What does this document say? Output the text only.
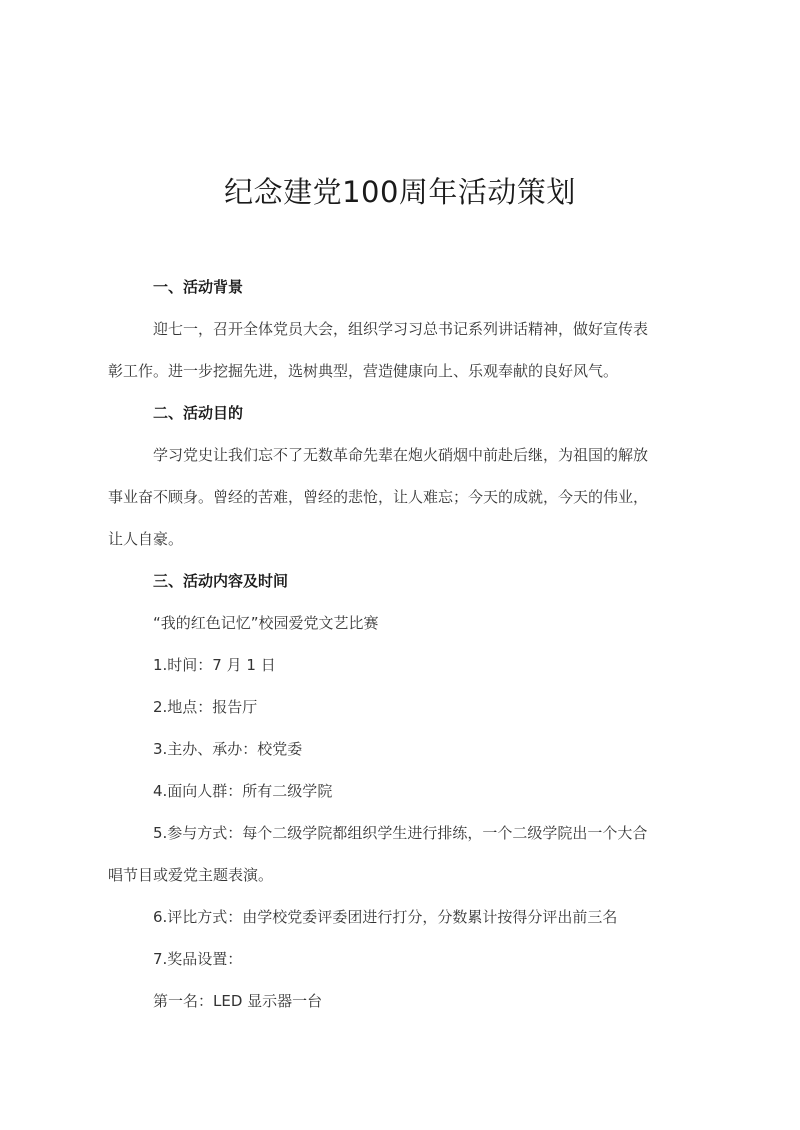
纪念建党100周年活动策划
一、活动背景
迎七一，召开全体党员大会，组织学习习总书记系列讲话精神，做好宣传表
彰工作。进一步挖掘先进，选树典型，营造健康向上、乐观奉献的良好风气。
二、活动目的
学习党史让我们忘不了无数革命先辈在炮火硝烟中前赴后继，为祖国的解放
事业奋不顾身。曾经的苦难，曾经的悲怆，让人难忘；今天的成就，今天的伟业，
让人自豪。
三、活动内容及时间
“我的红色记忆”校园爱党文艺比赛
1.时间：7 月 1 日
2.地点：报告厅
3.主办、承办：校党委
4.面向人群：所有二级学院
5.参与方式：每个二级学院都组织学生进行排练，一个二级学院出一个大合
唱节目或爱党主题表演。
6.评比方式：由学校党委评委团进行打分，分数累计按得分评出前三名
7.奖品设置：
第一名：LED 显示器一台
